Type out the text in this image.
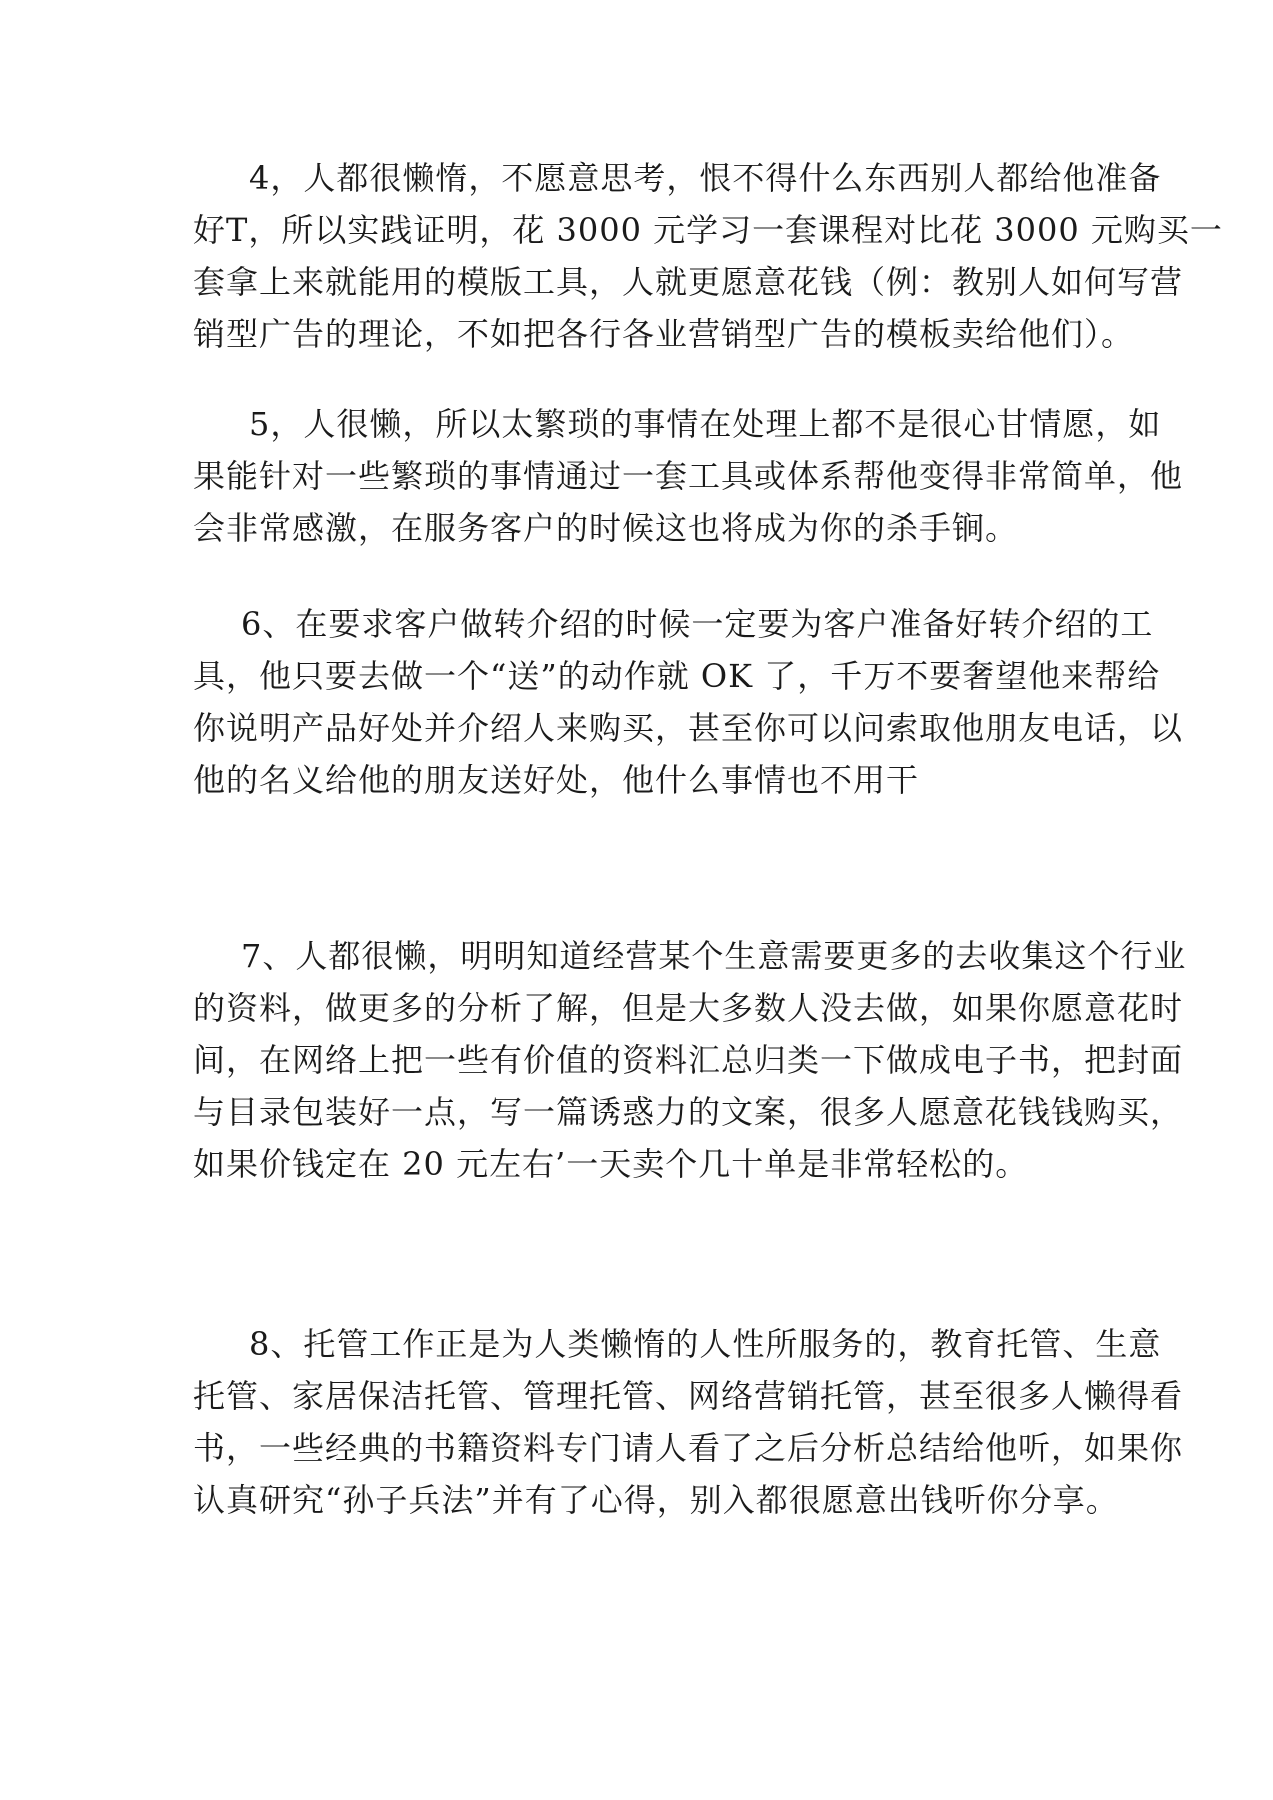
4，人都很懒惰，不愿意思考，恨不得什么东西别人都给他准备
好T，所以实践证明，花 3000 元学习一套课程对比花 3000 元购买一
套拿上来就能用的模版工具，人就更愿意花钱（例：教别人如何写营
销型广告的理论，不如把各行各业营销型广告的模板卖给他们）。
5，人很懒，所以太繁琐的事情在处理上都不是很心甘情愿，如
果能针对一些繁琐的事情通过一套工具或体系帮他变得非常简单，他
会非常感激，在服务客户的时候这也将成为你的杀手锏。
6、在要求客户做转介绍的时候一定要为客户准备好转介绍的工
具，他只要去做一个“送”的动作就 OK 了，千万不要奢望他来帮给
你说明产品好处并介绍人来购买，甚至你可以问索取他朋友电话，以
他的名义给他的朋友送好处，他什么事情也不用干
7、人都很懒，明明知道经营某个生意需要更多的去收集这个行业
的资料，做更多的分析了解，但是大多数人没去做，如果你愿意花时
间，在网络上把一些有价值的资料汇总归类一下做成电子书，把封面
与目录包装好一点，写一篇诱惑力的文案，很多人愿意花钱钱购买，
如果价钱定在 20 元左右’一天卖个几十单是非常轻松的。
8、托管工作正是为人类懒惰的人性所服务的，教育托管、生意
托管、家居保洁托管、管理托管、网络营销托管，甚至很多人懒得看
书，一些经典的书籍资料专门请人看了之后分析总结给他听，如果你
认真研究“孙子兵法”并有了心得，别入都很愿意出钱听你分享。
